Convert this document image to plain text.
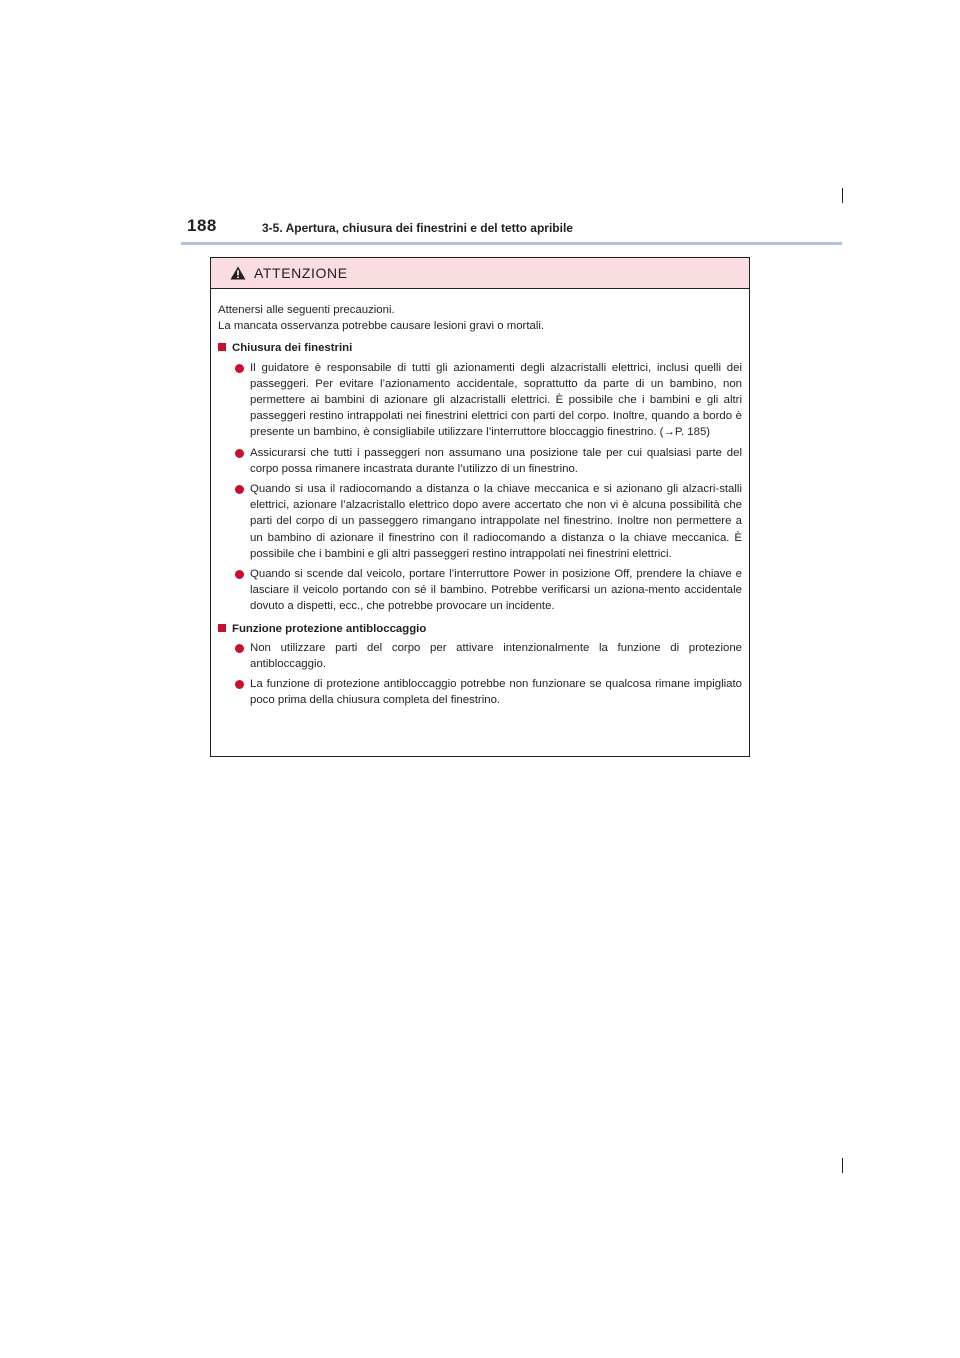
188	3-5. Apertura, chiusura dei finestrini e del tetto apribile
ATTENZIONE

Attenersi alle seguenti precauzioni.

La mancata osservanza potrebbe causare lesioni gravi o mortali.

Chiusura dei finestrini
Il guidatore è responsabile di tutti gli azionamenti degli alzacristalli elettrici, inclusi quelli dei passeggeri. Per evitare l’azionamento accidentale, soprattutto da parte di un bambino, non permettere ai bambini di azionare gli alzacristalli elettrici. È possibile che i bambini e gli altri passeggeri restino intrappolati nei finestrini elettrici con parti del corpo. Inoltre, quando a bordo è presente un bambino, è consigliabile utilizzare l’interruttore bloccaggio finestrino. (→P. 185)
Assicurarsi che tutti i passeggeri non assumano una posizione tale per cui qualsiasi parte del corpo possa rimanere incastrata durante l’utilizzo di un finestrino.
Quando si usa il radiocomando a distanza o la chiave meccanica e si azionano gli alzacri-stalli elettrici, azionare l’alzacristallo elettrico dopo avere accertato che non vi è alcuna possibilità che parti del corpo di un passeggero rimangano intrappolate nel finestrino. Inoltre non permettere a un bambino di azionare il finestrino con il radiocomando a distanza o la chiave meccanica. È possibile che i bambini e gli altri passeggeri restino intrappolati nei finestrini elettrici.
Quando si scende dal veicolo, portare l’interruttore Power in posizione Off, prendere la chiave e lasciare il veicolo portando con sé il bambino. Potrebbe verificarsi un aziona-mento accidentale dovuto a dispetti, ecc., che potrebbe provocare un incidente.
Funzione protezione antibloccaggio
Non utilizzare parti del corpo per attivare intenzionalmente la funzione di protezione antibloccaggio.
La funzione di protezione antibloccaggio potrebbe non funzionare se qualcosa rimane impigliato poco prima della chiusura completa del finestrino.
